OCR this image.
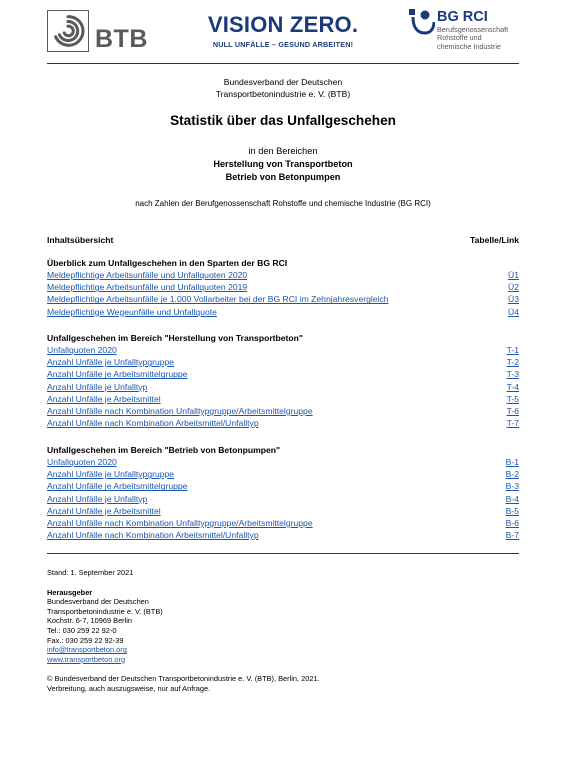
BTB
VISION ZERO.
NULL UNFÄLLE – GESUND ARBEITEN!
BG RCI
Berufsgenossenschaft
Rohstoffe und
chemische Industrie
Bundesverband der Deutschen
Transportbetonindustrie e. V. (BTB)
Statistik über das Unfallgeschehen
in den Bereichen
Herstellung von Transportbeton
Betrieb von Betonpumpen
nach Zahlen der Berufgenossenschaft Rohstoffe und chemische Industrie (BG RCI)
Inhaltsübersicht	Tabelle/Link
Überblick zum Unfallgeschehen in den Sparten der BG RCI
Meldepflichtige Arbeitsunfälle und Unfallquoten 2020	Ü1
Meldepflichtige Arbeitsunfälle und Unfallquoten 2019	Ü2
Meldepflichtige Arbeitsunfälle je 1.000 Vollarbeiter bei der BG RCI im Zehnjahresvergleich	Ü3
Meldepflichtige Wegeunfälle und Unfallquote	Ü4
Unfallgeschehen im Bereich "Herstellung von Transportbeton"
Unfallquoten 2020	T-1
Anzahl Unfälle je Unfalltypgruppe	T-2
Anzahl Unfälle je Arbeitsmittelgruppe	T-3
Anzahl Unfälle je Unfalltyp	T-4
Anzahl Unfälle je Arbeitsmittel	T-5
Anzahl Unfälle nach Kombination Unfalltypgruppe/Arbeitsmittelgruppe	T-6
Anzahl Unfälle nach Kombination Arbeitsmittel/Unfalltyp	T-7
Unfallgeschehen im Bereich "Betrieb von Betonpumpen"
Unfallquoten 2020	B-1
Anzahl Unfälle je Unfalltypgruppe	B-2
Anzahl Unfälle je Arbeitsmittelgruppe	B-3
Anzahl Unfälle je Unfalltyp	B-4
Anzahl Unfälle je Arbeitsmittel	B-5
Anzahl Unfälle nach Kombination Unfalltypgruppe/Arbeitsmittelgruppe	B-6
Anzahl Unfälle nach Kombination Arbeitsmittel/Unfalltyp	B-7
Stand: 1. September 2021
Herausgeber
Bundesverband der Deutschen
Transportbetonindustrie e. V. (BTB)
Kochstr. 6-7, 10969 Berlin
Tel.: 030 259 22 92-0
Fax.: 030 259 22 92-39
info@transportbeton.org
www.transportbeton.org
© Bundesverband der Deutschen Transportbetonindustrie e. V. (BTB), Berlin, 2021.
Verbreitung, auch auszugsweise, nur auf Anfrage.
